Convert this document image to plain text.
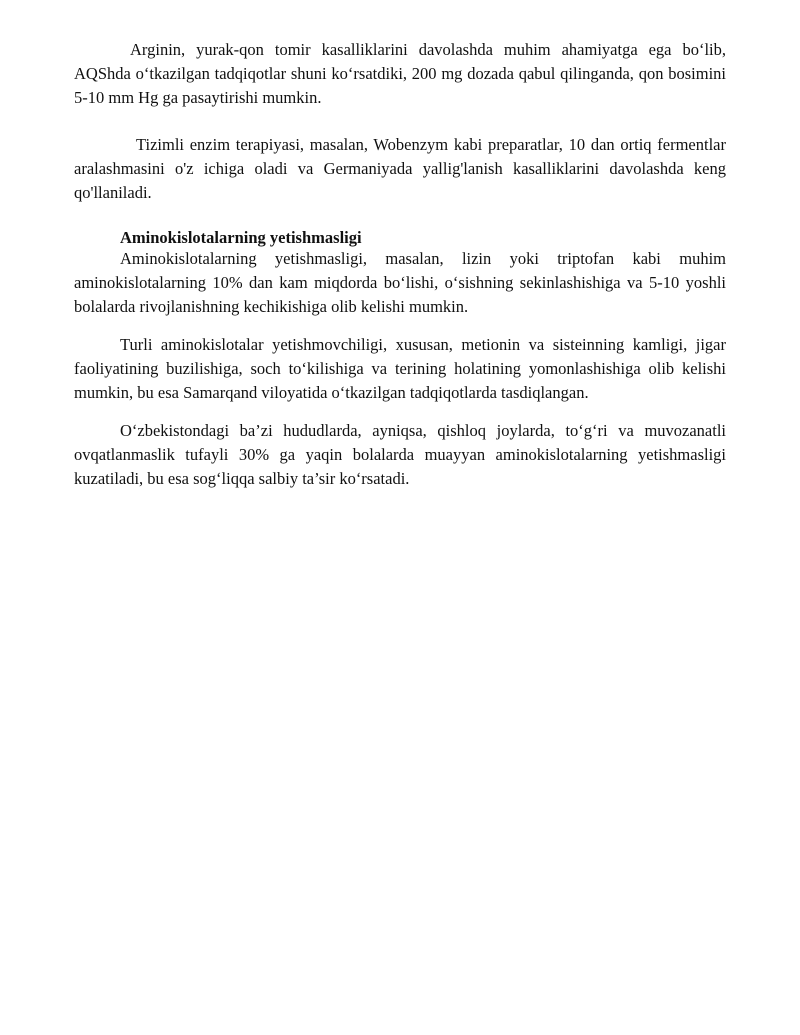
Arginin, yurak-qon tomir kasalliklarini davolashda muhim ahamiyatga ega bo‘lib, AQShda o‘tkazilgan tadqiqotlar shuni ko‘rsatdiki, 200 mg dozada qabul qilinganda, qon bosimini 5-10 mm Hg ga pasaytirishi mumkin.

Tizimli enzim terapiyasi, masalan, Wobenzym kabi preparatlar, 10 dan ortiq fermentlar aralashmasini o'z ichiga oladi va Germaniyada yallig'lanish kasalliklarini davolashda keng qo'llaniladi.

Aminokislotalarning yetishmasligi

Aminokislotalarning yetishmasligi, masalan, lizin yoki triptofan kabi muhim aminokislotalarning 10% dan kam miqdorda bo‘lishi, o‘sishning sekinlashishiga va 5-10 yoshli bolalarda rivojlanishning kechikishiga olib kelishi mumkin.

Turli aminokislotalar yetishmovchiligi, xususan, metionin va sisteinning kamligi, jigar faoliyatining buzilishiga, soch to‘kilishiga va terining holatining yomonlashishiga olib kelishi mumkin, bu esa Samarqand viloyatida o‘tkazilgan tadqiqotlarda tasdiqlangan.

O‘zbekistondagi ba’zi hududlarda, ayniqsa, qishloq joylarda, to‘g‘ri va muvozanatli ovqatlanmaslik tufayli 30% ga yaqin bolalarda muayyan aminokislotalarning yetishmasligi kuzatiladi, bu esa sog‘liqqa salbiy ta’sir ko‘rsatadi.
